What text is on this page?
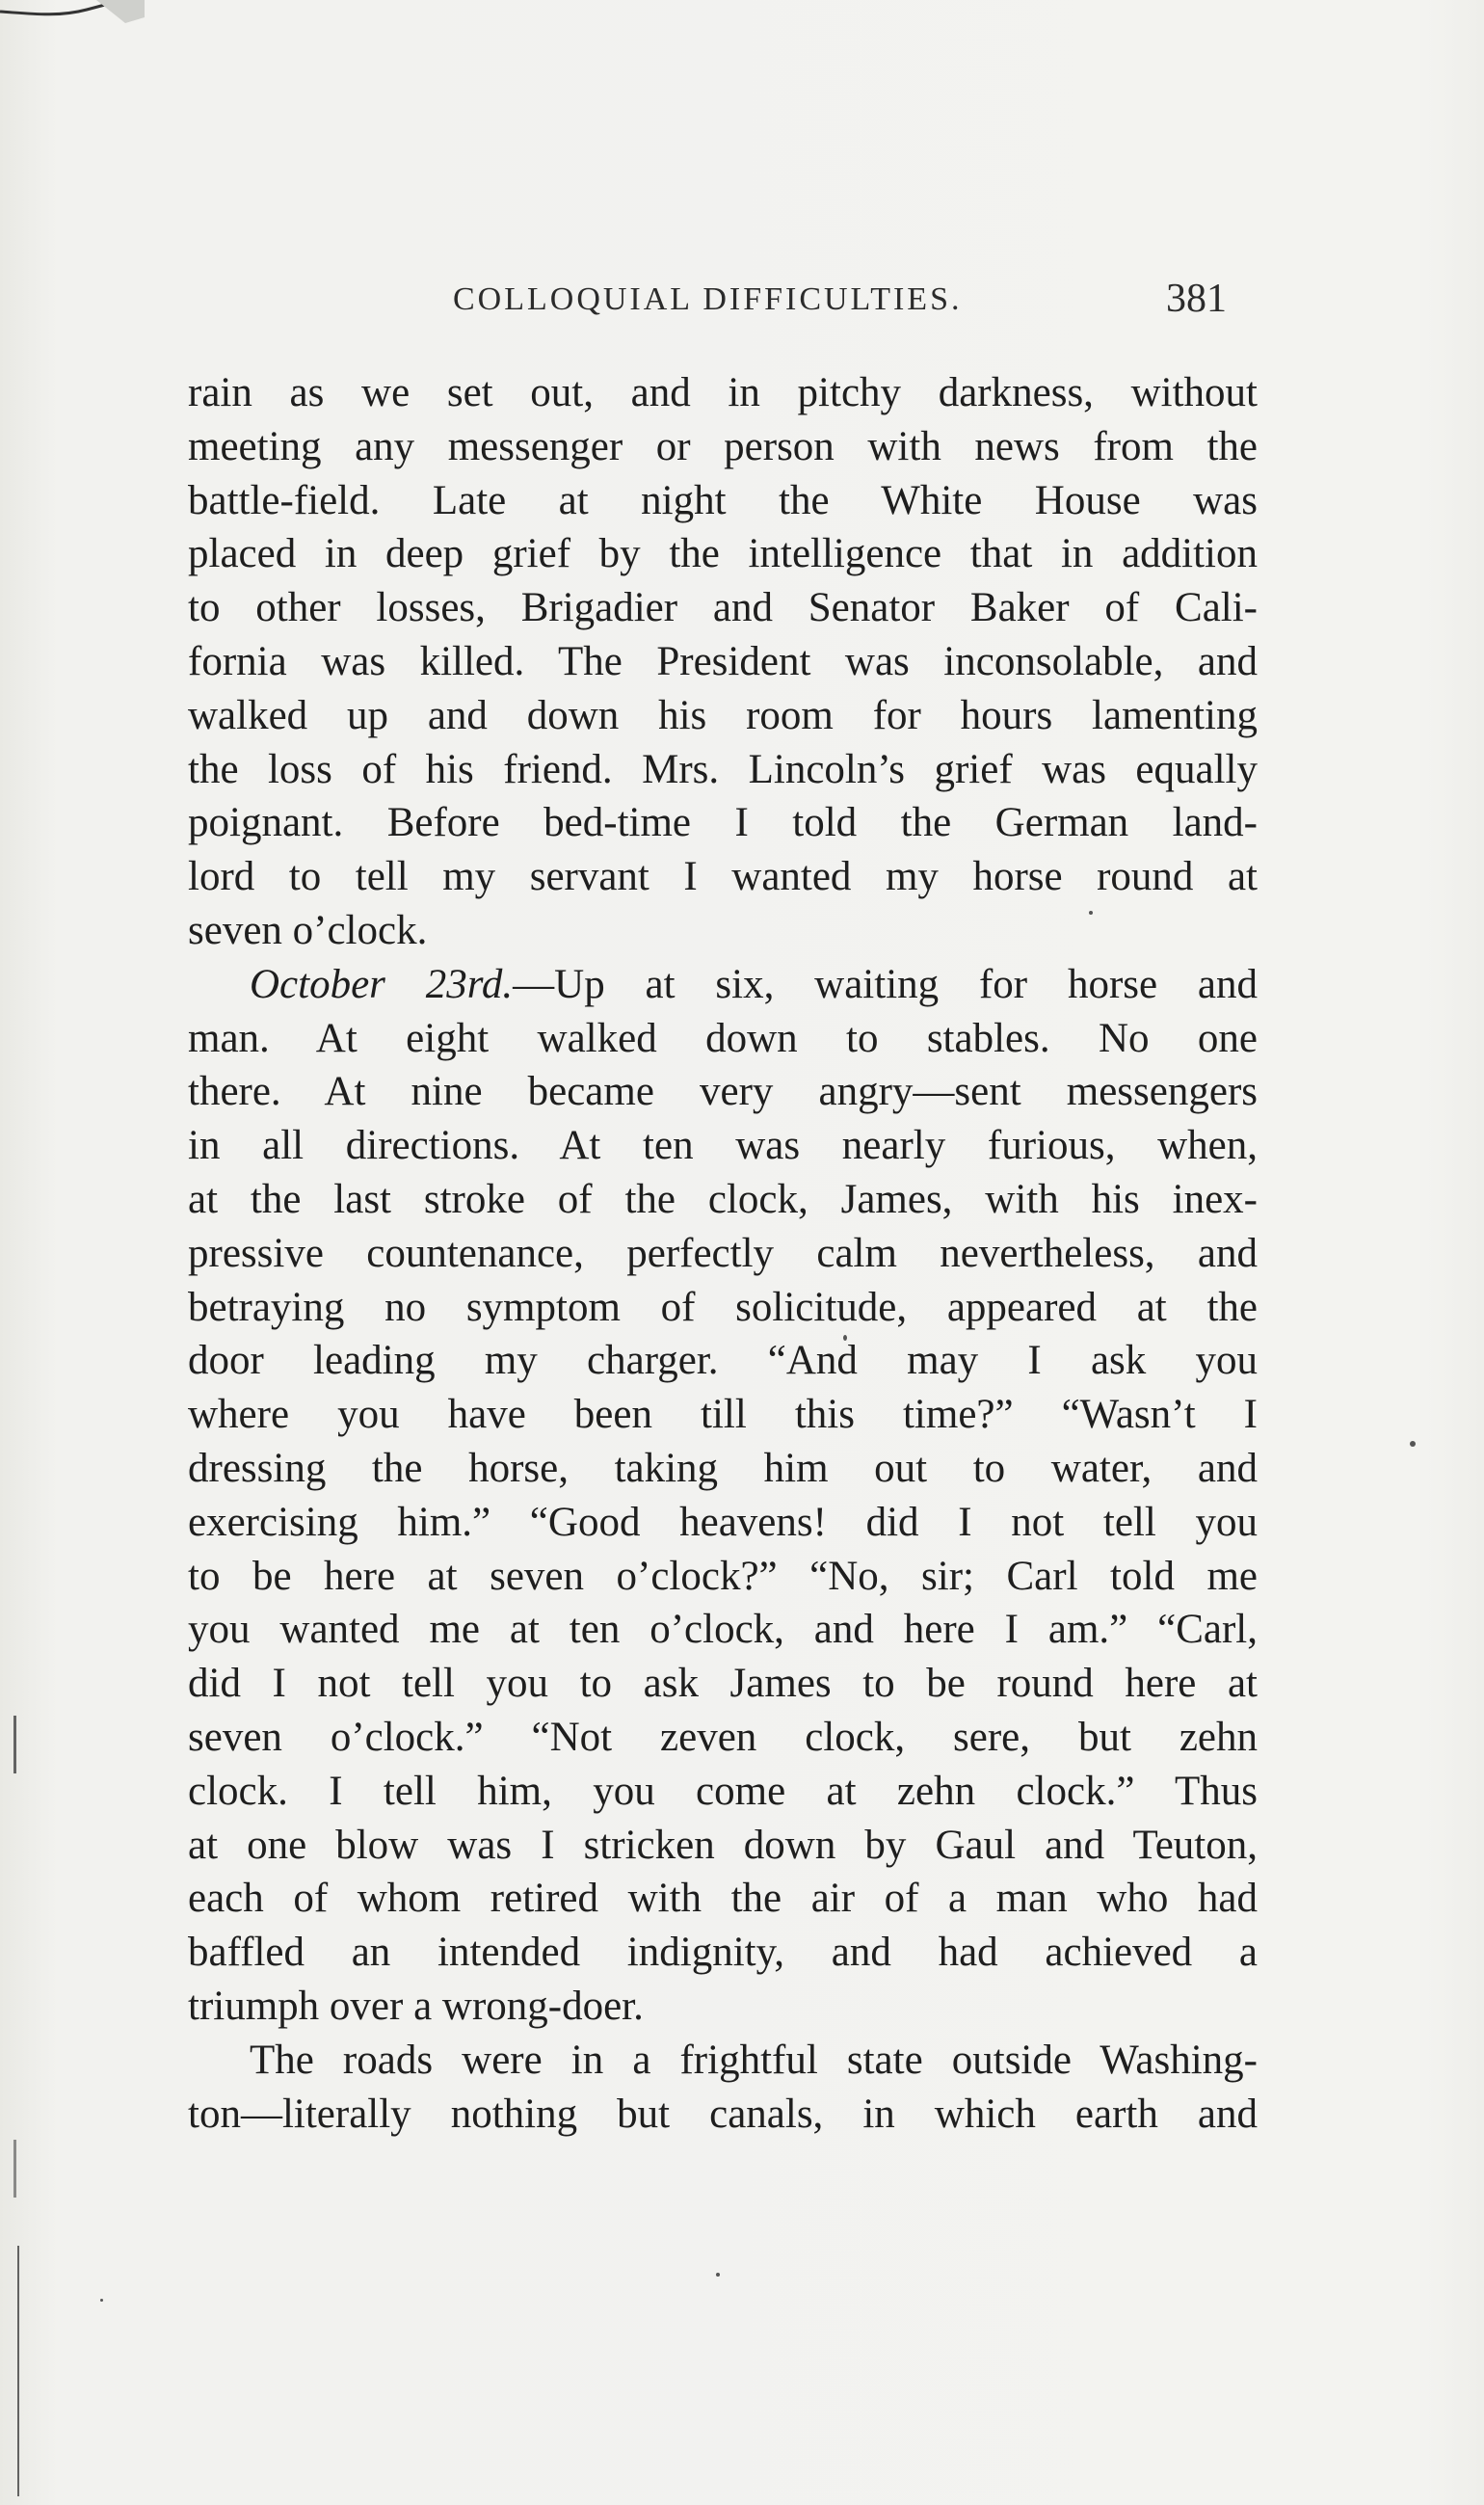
COLLOQUIAL DIFFICULTIES.	381
rain as we set out, and in pitchy darkness, without
meeting any messenger or person with news from the
battle-field. Late at night the White House was
placed in deep grief by the intelligence that in addition
to other losses, Brigadier and Senator Baker of Cali-
fornia was killed. The President was inconsolable, and
walked up and down his room for hours lamenting
the loss of his friend. Mrs. Lincoln’s grief was equally
poignant. Before bed-time I told the German land-
lord to tell my servant I wanted my horse round at
seven o’clock.
October 23rd.—Up at six, waiting for horse and
man. At eight walked down to stables. No one
there. At nine became very angry—sent messengers
in all directions. At ten was nearly furious, when,
at the last stroke of the clock, James, with his inex-
pressive countenance, perfectly calm nevertheless, and
betraying no symptom of solicitude, appeared at the
door leading my charger. “And may I ask you
where you have been till this time?” “Wasn’t I
dressing the horse, taking him out to water, and
exercising him.” “Good heavens! did I not tell you
to be here at seven o’clock?” “No, sir; Carl told me
you wanted me at ten o’clock, and here I am.” “Carl,
did I not tell you to ask James to be round here at
seven o’clock.” “Not zeven clock, sere, but zehn
clock. I tell him, you come at zehn clock.” Thus
at one blow was I stricken down by Gaul and Teuton,
each of whom retired with the air of a man who had
baffled an intended indignity, and had achieved a
triumph over a wrong-doer.
The roads were in a frightful state outside Washing-
ton—literally nothing but canals, in which earth and
